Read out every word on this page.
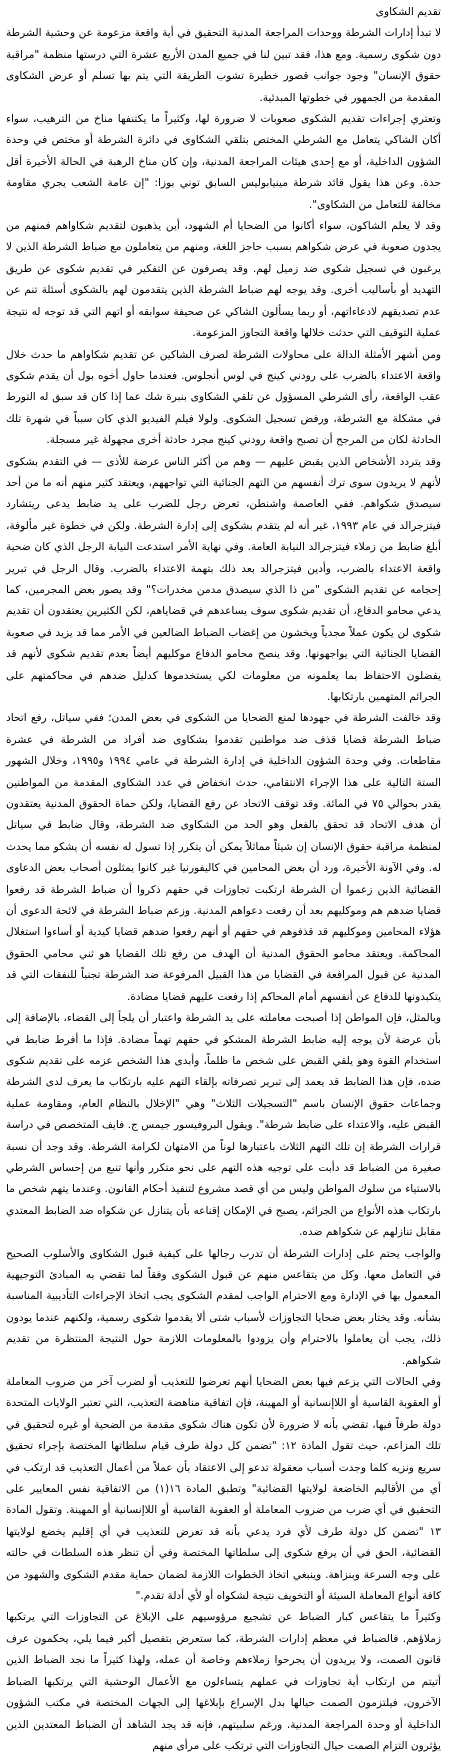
تقديم الشكاوى

لا تبدأ إدارات الشرطة ووحدات المراجعة المدنية التحقيق في أية واقعة مزعومة عن وحشية الشرطة دون شكوى رسمية. ومع هذا، فقد تبين لنا في جميع المدن الأربع عشرة التي درستها منظمة "مراقبة حقوق الإنسان" وجود جوانب قصور خطيرة تشوب الطريقة التي يتم بها تسلم أو عرض الشكاوى المقدمة من الجمهور في خطوتها المبدئية.

وتعتري إجراءات تقديم الشكوى صعوبات لا ضرورة لها، وكثيراً ما يكتنفها مناخ من الترهيب، سواء أكان الشاكي يتعامل مع الشرطي المختص بتلقي الشكاوى في دائرة الشرطة أو مختص في وحدة الشؤون الداخلية، أو مع إحدى هيئات المراجعة المدنية، وإن كان مناخ الرهبة في الحالة الأخيرة أقل حدة. وعن هذا يقول قائد شرطة مينيابوليس السابق توني بوزا: "إن عامة الشعب يجري مقاومة مخالفة للتعامل من الشكاوى".

وقد لا يعلم الشاكون، سواء أكانوا من الضحايا أم الشهود، أين يذهبون لتقديم شكاواهم فمنهم من يجدون صعوبة في عرض شكواهم بسبب حاجز اللغة، ومنهم من يتعاملون مع ضباط الشرطة الذين لا يرغبون في تسجيل شكوى ضد زميل لهم. وقد يصرفون عن التفكير في تقديم شكوى عن طريق التهديد أو بأساليب أخرى. وقد يوجه لهم ضباط الشرطة الذين يتقدمون لهم بالشكوى أسئلة تنم عن عدم تصديقهم لادعاءاتهم، أو ربما يسألون الشاكي عن صحيفة سوابقه أو اتهم التي قد توجه له نتيجة عملية التوقيف التي حدثت خلالها واقعة التجاوز المزعومة.

ومن أشهر الأمثلة الدالة على محاولات الشرطة لصرف الشاكين عن تقديم شكاواهم ما حدث خلال واقعة الاعتداء بالضرب على رودني كينج في لوس أنجلوس. فعندما حاول أخوه بول أن يقدم شكوى عقب الواقعة، رأى الشرطي المسؤول عن تلقي الشكاوى بنبرة شك عما إذا كان قد سبق له التورط في مشكلة مع الشرطة، ورفض تسجيل الشكوى. ولولا فيلم الفيديو الذي كان سبباً في شهرة تلك الحادثة لكان من المرجح أن تصبح واقعة رودني كينج مجرد حادثة أخرى مجهولة غير مسجلة.

وقد يتردد الأشخاص الذين يقبض عليهم — وهم من أكثر الناس عرضة للأذى — في التقدم بشكوى لأنهم لا يريدون سوى ترك أنفسهم من التهم الجنائية التي تواجههم، ويعتقد كثير منهم أنه ما من أحد سيصدق شكواهم. ففي العاصمة واشنطن، تعرض رجل للضرب على يد ضابط يدعى ريتشارد فيتزجرالد في عام ١٩٩٣، غير أنه لم يتقدم بشكوى إلى إدارة الشرطة. ولكن في خطوة غير مألوفة، أبلغ ضابط من زملاء فيتزجرالد النيابة العامة. وفي نهاية الأمر استدعت النيابة الرجل الذي كان ضحية واقعة الاعتداء بالضرب، وأدين فيتزجرالد بعد ذلك بتهمة الاعتداء بالضرب. وقال الرجل في تبرير إحجامه عن تقديم الشكوى "من ذا الذي سيصدق مدمن مخدرات؟" وقد يصور بعض المجرمين، كما يدعي محامو الدفاع، أن تقديم شكوى سوف يساعدهم في قضاياهم، لكن الكثيرين يعتقدون أن تقديم شكوى لن يكون عملاً مجدياً ويخشون من إغضاب الضباط الضالعين في الأمر مما قد يزيد في صعوبة القضايا الجنائية التي يواجهونها. وقد ينصح محامو الدفاع موكليهم أيضاً بعدم تقديم شكوى لأنهم قد يفضلون الاحتفاظ بما يعلمونه من معلومات لكي يستخدموها كدليل ضدهم في محاكمتهم على الجرائم المتهمين بارتكابها.

وقد خالفت الشرطة في جهودها لمنع الضحايا من الشكوى في بعض المدن؛ ففي سياتل، رفع اتحاد ضباط الشرطة قضايا قذف ضد مواطنين تقدموا بشكاوى ضد أفراد من الشرطة في عشرة مقاطعات. وفي وحدة الشؤون الداخلية في إدارة الشرطة في عامي ١٩٩٤ و١٩٩٥، وخلال الشهور الستة التالية على هذا الإجراء الانتقامي، حدث انخفاض في عدد الشكاوى المقدمة من المواطنين يقدر بحوالي ٧٥ في المائة. وقد توقف الاتحاد عن رفع القضايا، ولكن حماة الحقوق المدنية يعتقدون أن هدف الاتحاد قد تحقق بالفعل وهو الحد من الشكاوى ضد الشرطة، وقال ضابط في سياتل لمنظمة مراقبة حقوق الإنسان إن شيئاً مماثلاً يمكن أن يتكرر إذا تسول له نفسه أن يشكو مما يحدث له. وفي الآونة الأخيرة، ورد أن بعض المحامين في كاليفورنيا غير كانوا يمثلون أصحاب بعض الدعاوى القضائية الذين زعموا أن الشرطة ارتكبت تجاوزات في حقهم ذكروا أن ضباط الشرطة قد رفعوا قضايا ضدهم هم وموكليهم بعد أن رفعت دعواهم المدنية. وزعم ضباط الشرطة في لائحة الدعوى أن هؤلاء المحامين وموكليهم قد قذفوهم في حقهم أو أنهم رفعوا ضدهم قضايا كيدية أو أساءوا استغلال المحاكمة. ويعتقد محامو الحقوق المدنية أن الهدف من رفع تلك القضايا هو ثني محامي الحقوق المدنية عن قبول المرافعة في القضايا من هذا القبيل المرفوعة ضد الشرطة تجنباً للنفقات التي قد يتكبدونها للدفاع عن أنفسهم أمام المحاكم إذا رفعت عليهم قضايا مضادة.

وبالمثل، فإن المواطن إذا أصبحت معاملته على يد الشرطة واعتبار أن يلجأ إلى القضاء، بالإضافة إلى بأن عرضة لأن يوجه إليه ضابط الشرطة المشكو في حقهم تهماً مضادة. فإذا ما أفرط ضابط في استخدام القوة وهو يلقي القبض على شخص ما ظلماً، وأبدى هذا الشخص عزمه على تقديم شكوى ضده، فإن هذا الضابط قد يعمد إلى تبرير تصرفاته بإلقاء التهم عليه بارتكاب ما يعرف لدى الشرطة وجماعات حقوق الإنسان باسم "التسجيلات الثلاث" وهي "الإخلال بالنظام العام، ومقاومة عملية القبض عليه، والاعتداء على ضابط شرطة". ويقول البروفيسور جيمس ج. فايف المتخصص في دراسة قرارات الشرطة إن تلك التهم الثلاث باعتبارها لوناً من الامتهان لكرامة الشرطة. وقد وجد أن نسبة صغيرة من الضباط قد دأبت على توجيه هذه التهم على نحو متكرر وأنها تنبع من إحساس الشرطي بالاستياء من سلوك المواطن وليس من أي قصد مشروع لتنفيذ أحكام القانون. وعندما يتهم شخص ما بارتكاب هذه الأنواع من الجرائم، يصبح في الإمكان إقناعه بأن يتنازل عن شكواه ضد الضابط المعتدي مقابل تنازلهم عن شكواهم ضده.

والواجب يحتم على إدارات الشرطة أن تدرب رجالها على كيفية قبول الشكاوى والأسلوب الصحيح في التعامل معها. وكل من يتقاعس منهم عن قبول الشكوى وفقاً لما تقضي به المبادئ التوجيهية المعمول بها في الإدارة ومع الاحترام الواجب لمقدم الشكوى يجب اتخاذ الإجراءات التأديبية المناسبة بشأنه. وقد يختار بعض ضحايا التجاوزات لأسباب شتى ألا يقدموا شكوى رسمية، ولكنهم عندما يودون ذلك، يجب أن يعاملوا بالاحترام وأن يزودوا بالمعلومات اللازمة حول النتيجة المنتظرة من تقديم شكواهم.

وفي الحالات التي يزعم فيها بعض الضحايا أنهم تعرضوا للتعذيب أو لضرب آخر من ضروب المعاملة أو العقوبة القاسية أو اللاإنسانية أو المهينة، فإن اتفاقية مناهضة التعذيب، التي تعتبر الولايات المتحدة دولة طرفاً فيها، تقضي بأنه لا ضرورة لأن تكون هناك شكوى مقدمة من الضحية أو غيره لتحقيق في تلك المزاعم، حيث تقول المادة ١٢: "تضمن كل دولة طرف قيام سلطاتها المختصة بإجراء تحقيق سريع ونزيه كلما وجدت أسباب معقولة تدعو إلى الاعتقاد بأن عملاً من أعمال التعذيب قد ارتكب في أي من الأقاليم الخاضعة لولايتها القضائية" وتطبق المادة ١٦(١) من الاتفاقية نفس المعايير على التحقيق في أي ضرب من ضروب المعاملة أو العقوبة القاسية أو اللاإنسانية أو المهينة. وتقول المادة ١٣ "تضمن كل دولة طرف لأي فرد يدعي بأنه قد تعرض للتعذيب في أي إقليم يخضع لولايتها القضائية، الحق في أن يرفع شكوى إلى سلطاتها المختصة وفي أن تنظر هذه السلطات في حالته على وجه السرعة وبنزاهة. وينبغي اتخاذ الخطوات اللازمة لضمان حماية مقدم الشكوى والشهود من كافة أنواع المعاملة السيئة أو التخويف نتيجة لشكواه أو لأي أدلة تقدم."

وكثيراً ما يتقاعس كبار الضباط عن تشجيع مرؤوسيهم على الإبلاغ عن التجاوزات التي يرتكبها زملاؤهم. فالضباط في معظم إدارات الشرطة، كما ستعرض بتفصيل أكبر فيما يلي، يحكمون عرف قانون الصمت، ولا يريدون أن يجرحوا زملاءهم وخاصة أن عمله، ولهذا كثيراً ما نجد الضباط الذين أتيتم من ارتكاب أية تجاوزات في عملهم يتساءلون مع الأعمال الوحشية التي يرتكبها الضباط الآخرون، فيلتزمون الصمت حيالها بدل الإسراع بإبلاغها إلى الجهات المختصة في مكتب الشؤون الداخلية أو وحدة المراجعة المدنية. ورغم سلبيتهم، فإنه قد يجد الشاهد أن الضباط المعتدين الذين يؤثرون التزام الصمت حيال التجاوزات التي ترتكب على مرأى منهم
